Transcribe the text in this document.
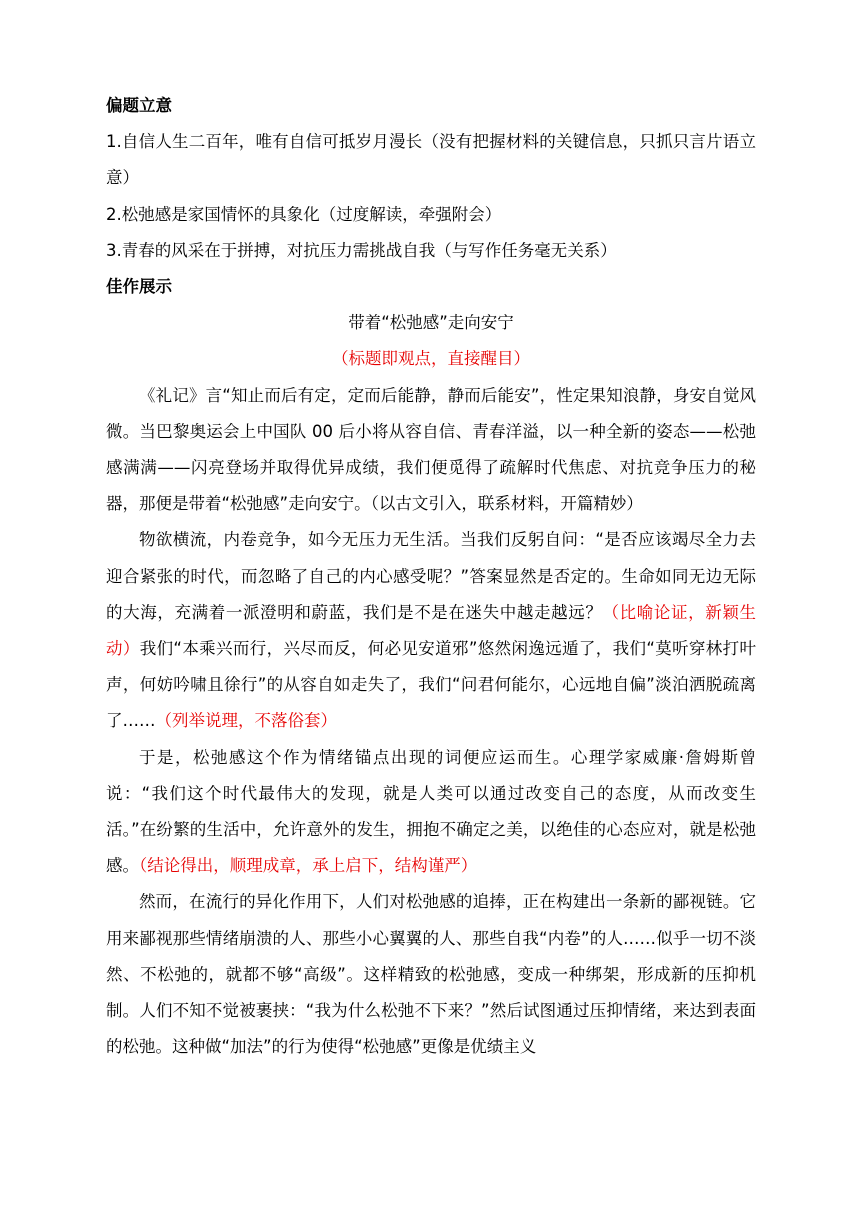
偏题立意

1.自信人生二百年，唯有自信可抵岁月漫长（没有把握材料的关键信息，只抓只言片语立意）

2.松弛感是家国情怀的具象化（过度解读，牵强附会）

3.青春的风采在于拼搏，对抗压力需挑战自我（与写作任务毫无关系）

佳作展示

带着“松弛感”走向安宁

（标题即观点，直接醒目）

《礼记》言“知止而后有定，定而后能静，静而后能安”，性定果知浪静，身安自觉风微。当巴黎奥运会上中国队 00 后小将从容自信、青春洋溢，以一种全新的姿态——松弛感满满——闪亮登场并取得优异成绩，我们便觅得了疏解时代焦虑、对抗竞争压力的秘器，那便是带着“松弛感”走向安宁。（以古文引入，联系材料，开篇精妙）

物欲横流，内卷竞争，如今无压力无生活。当我们反躬自问：“是否应该竭尽全力去迎合紧张的时代，而忽略了自己的内心感受呢？”答案显然是否定的。生命如同无边无际的大海，充满着一派澄明和蔚蓝，我们是不是在迷失中越走越远？（比喻论证，新颖生动）我们“本乘兴而行，兴尽而反，何必见安道邪”悠然闲逸远遁了，我们“莫听穿林打叶声，何妨吟啸且徐行”的从容自如走失了，我们“问君何能尔，心远地自偏”淡泊洒脱疏离了……（列举说理，不落俗套）

于是，松弛感这个作为情绪锚点出现的词便应运而生。心理学家威廉·詹姆斯曾说：“我们这个时代最伟大的发现，就是人类可以通过改变自己的态度，从而改变生活。”在纷繁的生活中，允许意外的发生，拥抱不确定之美，以绝佳的心态应对，就是松弛感。（结论得出，顺理成章，承上启下，结构谨严）

然而，在流行的异化作用下，人们对松弛感的追捧，正在构建出一条新的鄙视链。它用来鄙视那些情绪崩溃的人、那些小心翼翼的人、那些自我“内卷”的人……似乎一切不淡然、不松弛的，就都不够“高级”。这样精致的松弛感，变成一种绑架，形成新的压抑机制。人们不知不觉被裹挟：“我为什么松弛不下来？”然后试图通过压抑情绪，来达到表面的松弛。这种做“加法”的行为使得“松弛感”更像是优绩主义
